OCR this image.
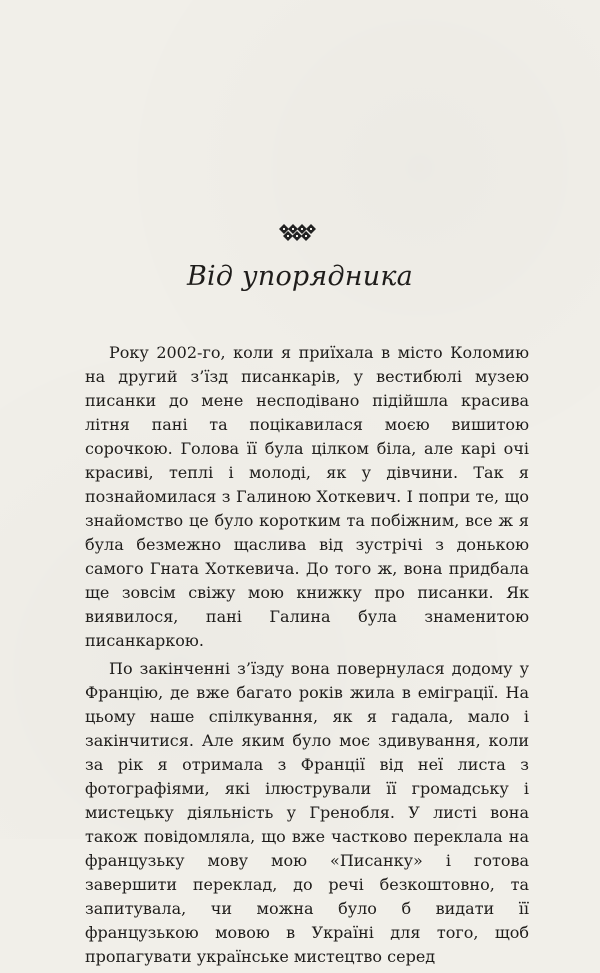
Від упорядника

Року 2002-го, коли я приїхала в місто Коломию на другий з’їзд писанкарів, у вестибюлі музею писанки до мене несподівано підійшла красива літня пані та поцікавилася моєю вишитою сорочкою. Голова її була цілком біла, але карі очі красиві, теплі і молоді, як у дівчини. Так я познайомилася з Галиною Хоткевич. І попри те, що знайомство це було коротким та побіжним, все ж я була безмежно щаслива від зустрічі з донькою самого Гната Хоткевича. До того ж, вона придбала ще зовсім свіжу мою книжку про писанки. Як виявилося, пані Галина була знаменитою писанкаркою.

По закінченні з’їзду вона повернулася додому у Францію, де вже багато років жила в еміграції. На цьому наше спілкування, як я гадала, мало і закінчитися. Але яким було моє здивування, коли за рік я отримала з Франції від неї листа з фотографіями, які ілюстрували її громадську і мистецьку діяльність у Гренобля. У листі вона також повідомляла, що вже частково переклала на французьку мову мою «Писанку» і готова завершити переклад, до речі безкоштовно, та запитувала, чи можна було б видати її французькою мовою в Україні для того, щоб пропагувати українське мистецтво серед
